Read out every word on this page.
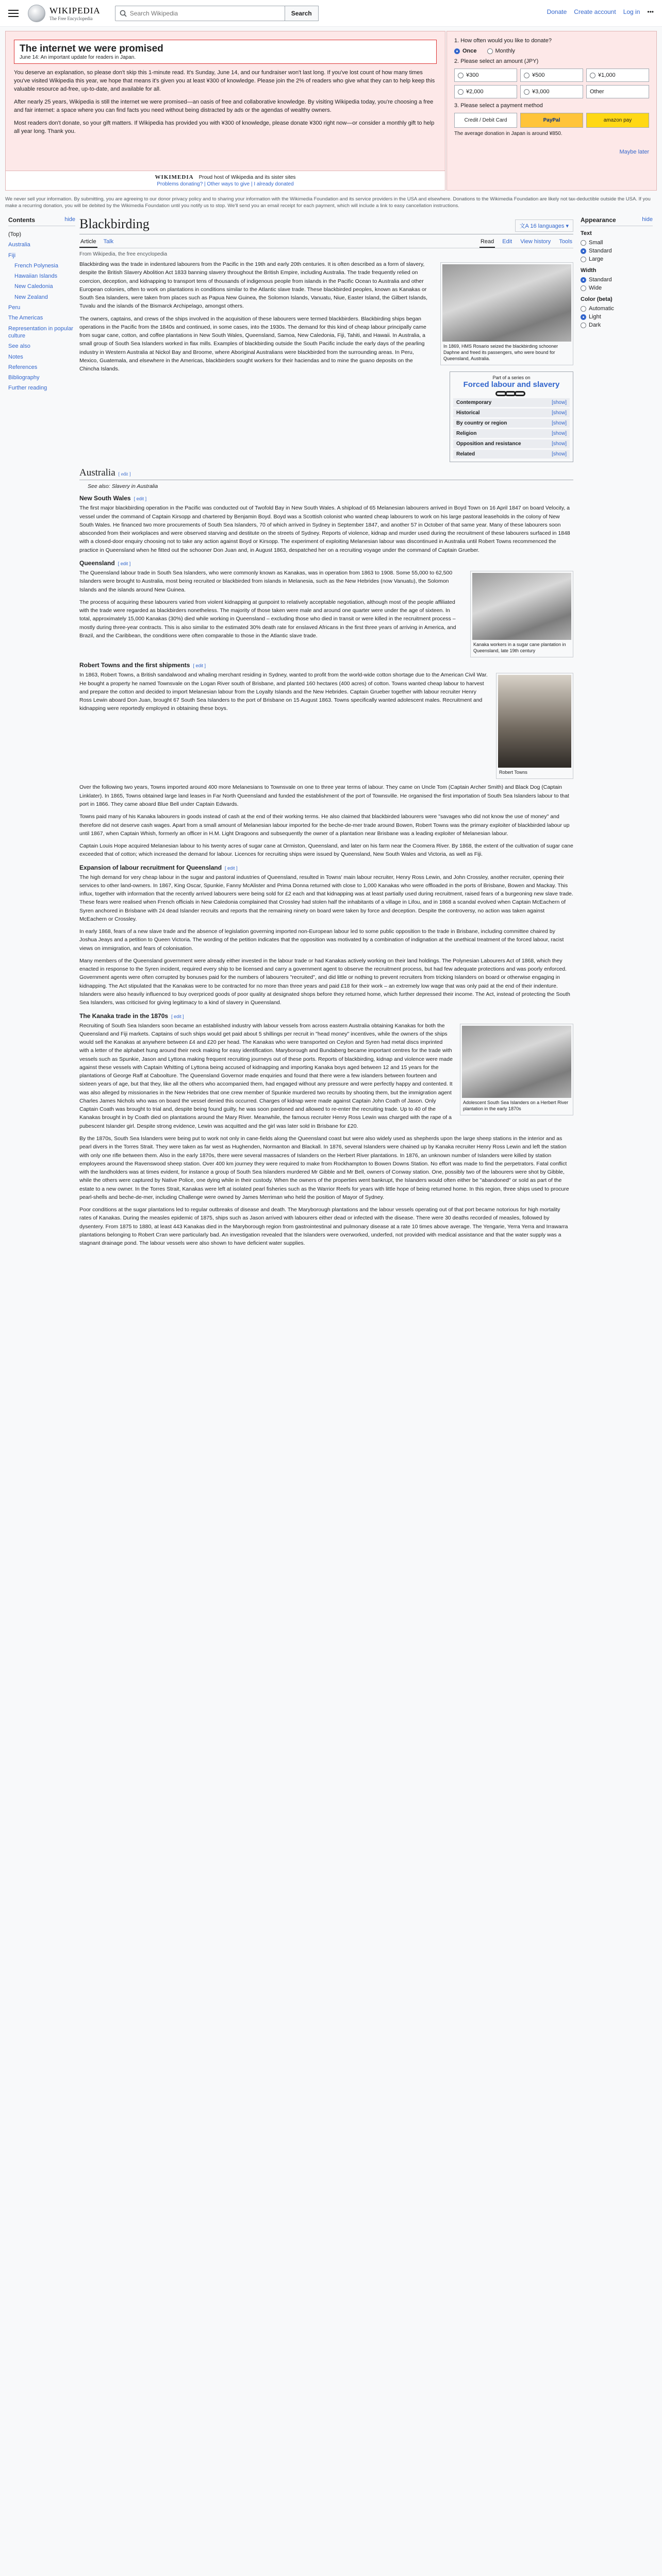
WIKIPEDIA
The Free Encyclopedia
Search Wikipedia
Search	Donate Create account Log in •••
The internet we were promised
June 14: An important update for readers in Japan.

You deserve an explanation, so please don't skip this 1-minute read. It's Sunday, June 14, and our fundraiser won't last long. If you've lost count of how many times you've visited Wikipedia this year, we hope that means it's given you at least ¥300 of knowledge. Please join the 2% of readers who give what they can to help keep this valuable resource ad-free, up-to-date, and available for all.

After nearly 25 years, Wikipedia is still the internet we were promised—an oasis of free and collaborative knowledge. By visiting Wikipedia today, you're choosing a free and fair internet: a space where you can find facts you need without being distracted by ads or the agendas of wealthy owners.

Most readers don't donate, so your gift matters. If Wikipedia has provided you with ¥300 of knowledge, please donate ¥300 right now—or consider a monthly gift to help all year long. Thank you.

WIKIMEDIA Proud host of Wikipedia and its sister sites
Problems donating? | Other ways to give | I already donated
1. How often would you like to donate?
Once	Monthly
2. Please select an amount (JPY)
¥300	¥500	¥1,000
¥2,000	¥3,000	Other
3. Please select a payment method
Credit / Debit Card	PayPal	amazon pay
The average donation in Japan is around ¥850.
Maybe later
We never sell your information. By submitting, you are agreeing to our donor privacy policy and to sharing your information with the Wikimedia Foundation and its service providers in the USA and elsewhere. Donations to the Wikimedia Foundation are likely not tax-deductible outside the USA. If you make a recurring donation, you will be debited by the Wikimedia Foundation until you notify us to stop. We'll send you an email receipt for each payment, which will include a link to easy cancellation instructions.
Contents	hide
(Top)
Australia
Fiji
French Polynesia
Hawaiian Islands
New Caledonia
New Zealand
Peru
The Americas
Representation in popular culture
See also
Notes
References
Bibliography
Further reading
Appearance	hide
Text
Small
Standard
Large
Width
Standard
Wide
Color (beta)
Automatic
Light
Dark
Blackbirding	文A 16 languages ▾
Article Talk	Read Edit View history Tools
From Wikipedia, the free encyclopedia
In 1869, HMS Rosario seized the blackbirding schooner Daphne and freed its passengers, who were bound for Queensland, Australia.
Part of a series on
Forced labour and slavery
Contemporary	[show]
Historical	[show]
By country or region	[show]
Religion	[show]
Opposition and resistance	[show]
Related	[show]

Blackbirding was the trade in indentured labourers from the Pacific in the 19th and early 20th centuries. It is often described as a form of slavery, despite the British Slavery Abolition Act 1833 banning slavery throughout the British Empire, including Australia. The trade frequently relied on coercion, deception, and kidnapping to transport tens of thousands of indigenous people from islands in the Pacific Ocean to Australia and other European colonies, often to work on plantations in conditions similar to the Atlantic slave trade. These blackbirded peoples, known as Kanakas or South Sea Islanders, were taken from places such as Papua New Guinea, the Solomon Islands, Vanuatu, Niue, Easter Island, the Gilbert Islands, Tuvalu and the islands of the Bismarck Archipelago, amongst others.

The owners, captains, and crews of the ships involved in the acquisition of these labourers were termed blackbirders. Blackbirding ships began operations in the Pacific from the 1840s and continued, in some cases, into the 1930s. The demand for this kind of cheap labour principally came from sugar cane, cotton, and coffee plantations in New South Wales, Queensland, Samoa, New Caledonia, Fiji, Tahiti, and Hawaii. In Australia, a small group of South Sea Islanders worked in flax mills. Examples of blackbirding outside the South Pacific include the early days of the pearling industry in Western Australia at Nickol Bay and Broome, where Aboriginal Australians were blackbirded from the surrounding areas. In Peru, Mexico, Guatemala, and elsewhere in the Americas, blackbirders sought workers for their haciendas and to mine the guano deposits on the Chincha Islands.

Australia [ edit ]
See also: Slavery in Australia
New South Wales [ edit ]

The first major blackbirding operation in the Pacific was conducted out of Twofold Bay in New South Wales. A shipload of 65 Melanesian labourers arrived in Boyd Town on 16 April 1847 on board Velocity, a vessel under the command of Captain Kirsopp and chartered by Benjamin Boyd. Boyd was a Scottish colonist who wanted cheap labourers to work on his large pastoral leaseholds in the colony of New South Wales. He financed two more procurements of South Sea Islanders, 70 of which arrived in Sydney in September 1847, and another 57 in October of that same year. Many of these labourers soon absconded from their workplaces and were observed starving and destitute on the streets of Sydney. Reports of violence, kidnap and murder used during the recruitment of these labourers surfaced in 1848 with a closed-door enquiry choosing not to take any action against Boyd or Kirsopp. The experiment of exploiting Melanesian labour was discontinued in Australia until Robert Towns recommenced the practice in Queensland when he fitted out the schooner Don Juan and, in August 1863, despatched her on a recruiting voyage under the command of Captain Grueber.

Queensland [ edit ]
Kanaka workers in a sugar cane plantation in Queensland, late 19th century

The Queensland labour trade in South Sea Islanders, who were commonly known as Kanakas, was in operation from 1863 to 1908. Some 55,000 to 62,500 Islanders were brought to Australia, most being recruited or blackbirded from islands in Melanesia, such as the New Hebrides (now Vanuatu), the Solomon Islands and the islands around New Guinea.

The process of acquiring these labourers varied from violent kidnapping at gunpoint to relatively acceptable negotiation, although most of the people affiliated with the trade were regarded as blackbirders nonetheless. The majority of those taken were male and around one quarter were under the age of sixteen. In total, approximately 15,000 Kanakas (30%) died while working in Queensland – excluding those who died in transit or were killed in the recruitment process – mostly during three-year contracts. This is also similar to the estimated 30% death rate for enslaved Africans in the first three years of arriving in America, and Brazil, and the Caribbean, the conditions were often comparable to those in the Atlantic slave trade.

Robert Towns and the first shipments [ edit ]
Robert Towns

In 1863, Robert Towns, a British sandalwood and whaling merchant residing in Sydney, wanted to profit from the world-wide cotton shortage due to the American Civil War. He bought a property he named Townsvale on the Logan River south of Brisbane, and planted 160 hectares (400 acres) of cotton. Towns wanted cheap labour to harvest and prepare the cotton and decided to import Melanesian labour from the Loyalty Islands and the New Hebrides. Captain Grueber together with labour recruiter Henry Ross Lewin aboard Don Juan, brought 67 South Sea Islanders to the port of Brisbane on 15 August 1863. Towns specifically wanted adolescent males. Recruitment and kidnapping were reportedly employed in obtaining these boys.

Over the following two years, Towns imported around 400 more Melanesians to Townsvale on one to three year terms of labour. They came on Uncle Tom (Captain Archer Smith) and Black Dog (Captain Linklater). In 1865, Towns obtained large land leases in Far North Queensland and funded the establishment of the port of Townsville. He organised the first importation of South Sea Islanders labour to that port in 1866. They came aboard Blue Bell under Captain Edwards.

Towns paid many of his Kanaka labourers in goods instead of cash at the end of their working terms. He also claimed that blackbirded labourers were "savages who did not know the use of money" and therefore did not deserve cash wages. Apart from a small amount of Melanesian labour imported for the beche-de-mer trade around Bowen, Robert Towns was the primary exploiter of blackbirded labour up until 1867, when Captain Whish, formerly an officer in H.M. Light Dragoons and subsequently the owner of a plantation near Brisbane was a leading exploiter of Melanesian labour.

Captain Louis Hope acquired Melanesian labour to his twenty acres of sugar cane at Ormiston, Queensland, and later on his farm near the Coomera River. By 1868, the extent of the cultivation of sugar cane exceeded that of cotton; which increased the demand for labour. Licences for recruiting ships were issued by Queensland, New South Wales and Victoria, as well as Fiji.

Expansion of labour recruitment for Queensland [ edit ]

The high demand for very cheap labour in the sugar and pastoral industries of Queensland, resulted in Towns' main labour recruiter, Henry Ross Lewin, and John Crossley, another recruiter, opening their services to other land-owners. In 1867, King Oscar, Spunkie, Fanny McAlister and Prima Donna returned with close to 1,000 Kanakas who were offloaded in the ports of Brisbane, Bowen and Mackay. This influx, together with information that the recently arrived labourers were being sold for £2 each and that kidnapping was at least partially used during recruitment, raised fears of a burgeoning new slave trade. These fears were realised when French officials in New Caledonia complained that Crossley had stolen half the inhabitants of a village in Lifou, and in 1868 a scandal evolved when Captain McEachern of Syren anchored in Brisbane with 24 dead Islander recruits and reports that the remaining ninety on board were taken by force and deception. Despite the controversy, no action was taken against McEachern or Crossley.

In early 1868, fears of a new slave trade and the absence of legislation governing imported non-European labour led to some public opposition to the trade in Brisbane, including committee chaired by Joshua Jeays and a petition to Queen Victoria. The wording of the petition indicates that the opposition was motivated by a combination of indignation at the unethical treatment of the forced labour, racist views on immigration, and fears of colonisation.

Many members of the Queensland government were already either invested in the labour trade or had Kanakas actively working on their land holdings. The Polynesian Labourers Act of 1868, which they enacted in response to the Syren incident, required every ship to be licensed and carry a government agent to observe the recruitment process, but had few adequate protections and was poorly enforced. Government agents were often corrupted by bonuses paid for the numbers of labourers "recruited", and did little or nothing to prevent recruiters from tricking Islanders on board or otherwise engaging in kidnapping. The Act stipulated that the Kanakas were to be contracted for no more than three years and paid £18 for their work – an extremely low wage that was only paid at the end of their indenture. Islanders were also heavily influenced to buy overpriced goods of poor quality at designated shops before they returned home, which further depressed their income. The Act, instead of protecting the South Sea Islanders, was criticised for giving legitimacy to a kind of slavery in Queensland.

The Kanaka trade in the 1870s [ edit ]
Adolescent South Sea Islanders on a Herbert River plantation in the early 1870s

Recruiting of South Sea Islanders soon became an established industry with labour vessels from across eastern Australia obtaining Kanakas for both the Queensland and Fiji markets. Captains of such ships would get paid about 5 shillings per recruit in "head money" incentives, while the owners of the ships would sell the Kanakas at anywhere between £4 and £20 per head. The Kanakas who were transported on Ceylon and Syren had metal discs imprinted with a letter of the alphabet hung around their neck making for easy identification. Maryborough and Bundaberg became important centres for the trade with vessels such as Spunkie, Jason and Lyttona making frequent recruiting journeys out of these ports. Reports of blackbirding, kidnap and violence were made against these vessels with Captain Whitting of Lyttona being accused of kidnapping and importing Kanaka boys aged between 12 and 15 years for the plantations of George Raff at Caboolture. The Queensland Governor made enquiries and found that there were a few islanders between fourteen and sixteen years of age, but that they, like all the others who accompanied them, had engaged without any pressure and were perfectly happy and contented. It was also alleged by missionaries in the New Hebrides that one crew member of Spunkie murdered two recruits by shooting them, but the immigration agent Charles James Nichols who was on board the vessel denied this occurred. Charges of kidnap were made against Captain John Coath of Jason. Only Captain Coath was brought to trial and, despite being found guilty, he was soon pardoned and allowed to re-enter the recruiting trade. Up to 40 of the Kanakas brought in by Coath died on plantations around the Mary River. Meanwhile, the famous recruiter Henry Ross Lewin was charged with the rape of a pubescent Islander girl. Despite strong evidence, Lewin was acquitted and the girl was later sold in Brisbane for £20.

By the 1870s, South Sea Islanders were being put to work not only in cane-fields along the Queensland coast but were also widely used as shepherds upon the large sheep stations in the interior and as pearl divers in the Torres Strait. They were taken as far west as Hughenden, Normanton and Blackall. In 1876, several Islanders were chained up by Kanaka recruiter Henry Ross Lewin and left the station with only one rifle between them. Also in the early 1870s, there were several massacres of Islanders on the Herbert River plantations. In 1876, an unknown number of Islanders were killed by station employees around the Ravenswood sheep station. Over 400 km journey they were required to make from Rockhampton to Bowen Downs Station. No effort was made to find the perpetrators. Fatal conflict with the landholders was at times evident, for instance a group of South Sea Islanders murdered Mr Gibble and Mr Bell, owners of Conway station. One, possibly two of the labourers were shot by Gibble, while the others were captured by Native Police, one dying while in their custody. When the owners of the properties went bankrupt, the Islanders would often either be "abandoned" or sold as part of the estate to a new owner. In the Torres Strait, Kanakas were left at isolated pearl fisheries such as the Warrior Reefs for years with little hope of being returned home. In this region, three ships used to procure pearl-shells and beche-de-mer, including Challenge were owned by James Merriman who held the position of Mayor of Sydney.

Poor conditions at the sugar plantations led to regular outbreaks of disease and death. The Maryborough plantations and the labour vessels operating out of that port became notorious for high mortality rates of Kanakas. During the measles epidemic of 1875, ships such as Jason arrived with labourers either dead or infected with the disease. There were 30 deaths recorded of measles, followed by dysentery. From 1875 to 1880, at least 443 Kanakas died in the Maryborough region from gastrointestinal and pulmonary disease at a rate 10 times above average. The Yengarie, Yerra Yerra and Irrawarra plantations belonging to Robert Cran were particularly bad. An investigation revealed that the Islanders were overworked, underfed, not provided with medical assistance and that the water supply was a stagnant drainage pond. The labour vessels were also shown to have deficient water supplies.
